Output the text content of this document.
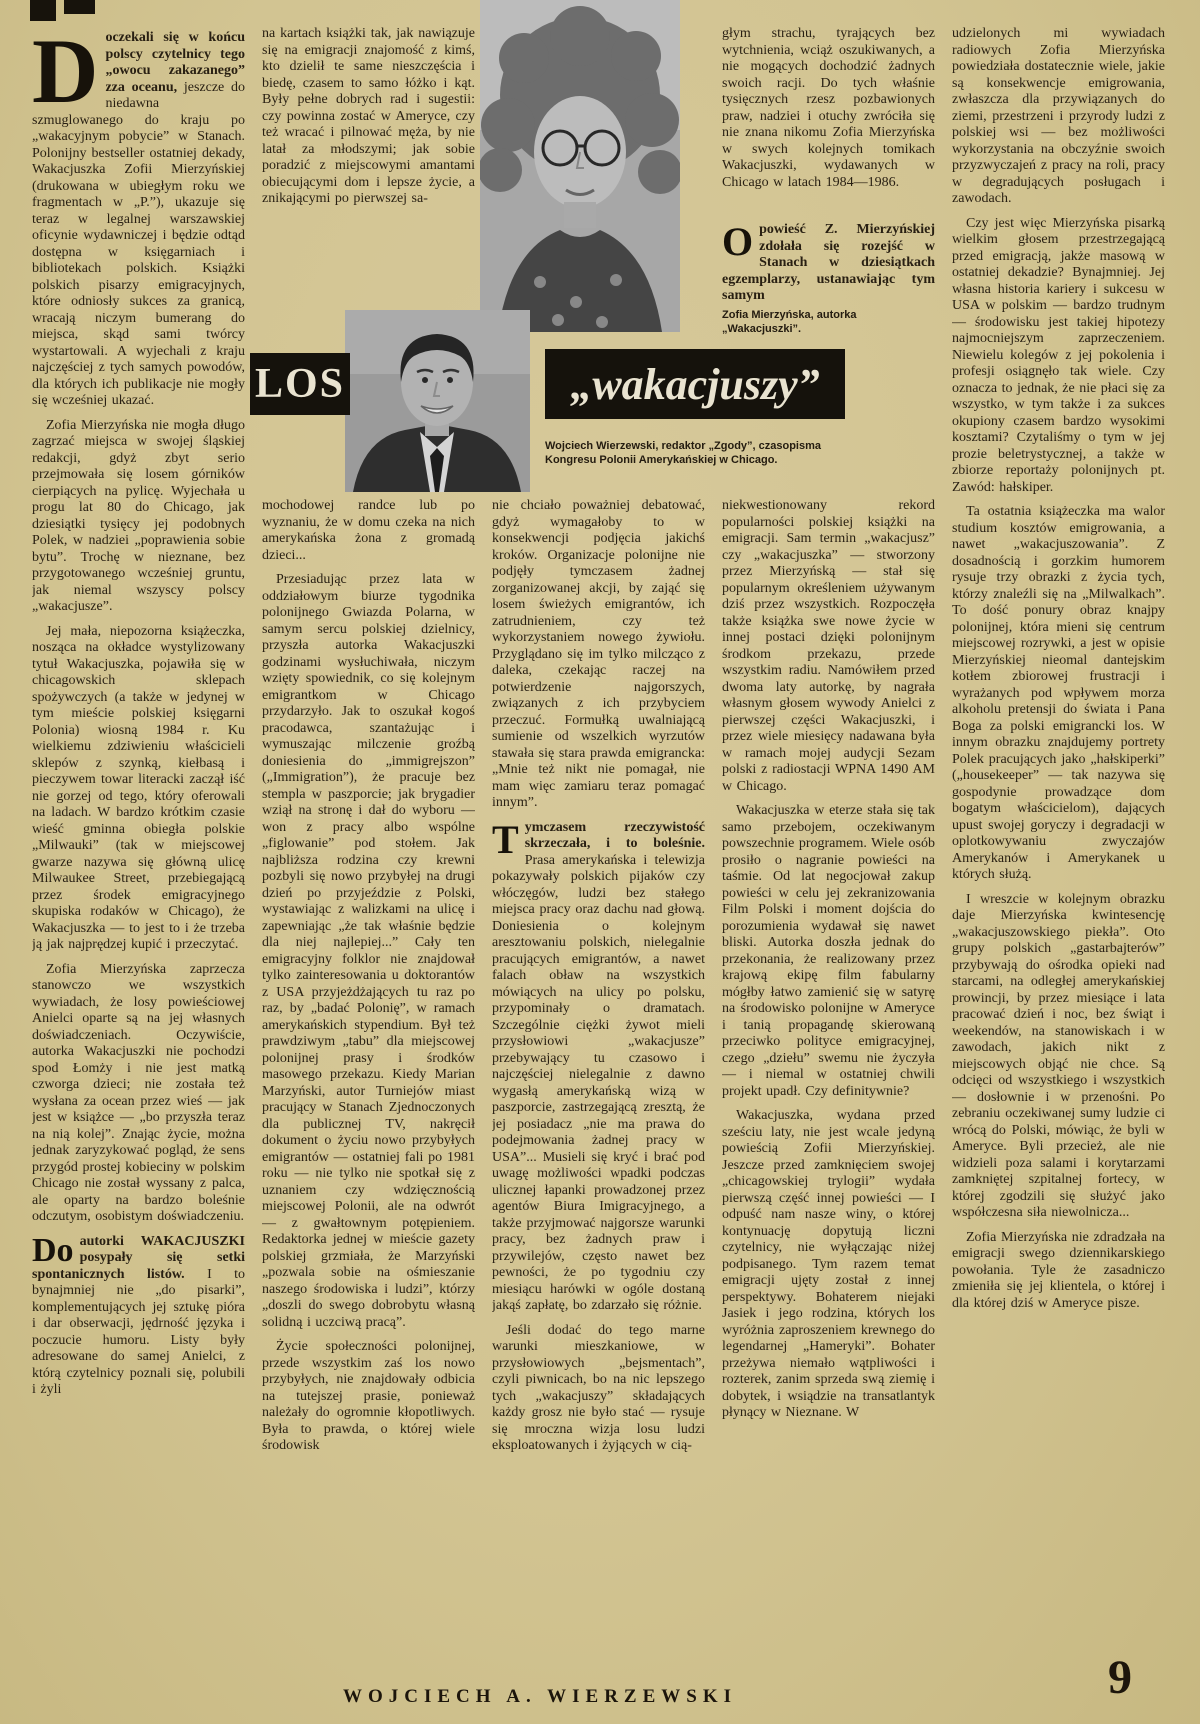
LOS	„wakacjuszy”
Wojciech Wierzewski, redaktor „Zgody”, czasopisma Kongresu Polonii Amerykańskiej w Chicago.
Zofia Mierzyńska, autorka „Wakacjuszki”.

Doczekali się w końcu polscy czytelnicy tego „owocu zakazanego” zza oceanu, jeszcze do niedawna szmuglowanego do kraju po „wakacyjnym pobycie” w Stanach. Polonijny bestseller ostatniej dekady, Wakacjuszka Zofii Mierzyńskiej (drukowana w ubiegłym roku we fragmentach w „P.”), ukazuje się teraz w legalnej warszawskiej oficynie wydawniczej i będzie odtąd dostępna w księgarniach i bibliotekach polskich. Książki polskich pisarzy emigracyjnych, które odniosły sukces za granicą, wracają niczym bumerang do miejsca, skąd sami twórcy wystartowali. A wyjechali z kraju najczęściej z tych samych powodów, dla których ich publikacje nie mogły się wcześniej ukazać.

Zofia Mierzyńska nie mogła długo zagrzać miejsca w swojej śląskiej redakcji, gdyż zbyt serio przejmowała się losem górników cierpiących na pylicę. Wyjechała u progu lat 80 do Chicago, jak dziesiątki tysięcy jej podobnych Polek, w nadziei „poprawienia sobie bytu”. Trochę w nieznane, bez przygotowanego wcześniej gruntu, jak niemal wszyscy polscy „wakacjusze”.

Jej mała, niepozorna książeczka, nosząca na okładce wystylizowany tytuł Wakacjuszka, pojawiła się w chicagowskich sklepach spożywczych (a także w jedynej w tym mieście polskiej księgarni Polonia) wiosną 1984 r. Ku wielkiemu zdziwieniu właścicieli sklepów z szynką, kiełbasą i pieczywem towar literacki zaczął iść nie gorzej od tego, który oferowali na ladach. W bardzo krótkim czasie wieść gminna obiegła polskie „Milwauki” (tak w miejscowej gwarze nazywa się główną ulicę Milwaukee Street, przebiegającą przez środek emigracyjnego skupiska rodaków w Chicago), że Wakacjuszka — to jest to i że trzeba ją jak najprędzej kupić i przeczytać.

Zofia Mierzyńska zaprzecza stanowczo we wszystkich wywiadach, że losy powieściowej Anielci oparte są na jej własnych doświadczeniach. Oczywiście, autorka Wakacjuszki nie pochodzi spod Łomży i nie jest matką czworga dzieci; nie została też wysłana za ocean przez wieś — jak jest w książce — „bo przyszła teraz na nią kolej”. Znając życie, można jednak zaryzykować pogląd, że sens przygód prostej kobieciny w polskim Chicago nie został wyssany z palca, ale oparty na bardzo boleśnie odczutym, osobistym doświadczeniu.

Do autorki WAKACJUSZKI posypały się setki spontanicznych listów. I to bynajmniej nie „do pisarki”, komplementujących jej sztukę pióra i dar obserwacji, jędrność języka i poczucie humoru. Listy były adresowane do samej Anielci, z którą czytelnicy poznali się, polubili i żyli

na kartach książki tak, jak nawiązuje się na emigracji znajomość z kimś, kto dzielił te same nieszczęścia i biedę, czasem to samo łóżko i kąt. Były pełne dobrych rad i sugestii: czy powinna zostać w Ameryce, czy też wracać i pilnować męża, by nie latał za młodszymi; jak sobie poradzić z miejscowymi amantami obiecującymi dom i lepsze życie, a znikającymi po pierwszej sa-

mochodowej randce lub po wyznaniu, że w domu czeka na nich amerykańska żona z gromadą dzieci...

Przesiadując przez lata w oddziałowym biurze tygodnika polonijnego Gwiazda Polarna, w samym sercu polskiej dzielnicy, przyszła autorka Wakacjuszki godzinami wysłuchiwała, niczym wzięty spowiednik, co się kolejnym emigrantkom w Chicago przydarzyło. Jak to oszukał kogoś pracodawca, szantażując i wymuszając milczenie groźbą doniesienia do „immigrejszon” („Immigration”), że pracuje bez stempla w paszporcie; jak brygadier wziął na stronę i dał do wyboru — won z pracy albo wspólne „figlowanie” pod stołem. Jak najbliższa rodzina czy krewni pozbyli się nowo przybyłej na drugi dzień po przyjeździe z Polski, wystawiając z walizkami na ulicę i zapewniając „że tak właśnie będzie dla niej najlepiej...” Cały ten emigracyjny folklor nie znajdował tylko zainteresowania u doktorantów z USA przyjeżdżających tu raz po raz, by „badać Polonię”, w ramach amerykańskich stypendium. Był też prawdziwym „tabu” dla miejscowej polonijnej prasy i środków masowego przekazu. Kiedy Marian Marzyński, autor Turniejów miast pracujący w Stanach Zjednoczonych dla publicznej TV, nakręcił dokument o życiu nowo przybyłych emigrantów — ostatniej fali po 1981 roku — nie tylko nie spotkał się z uznaniem czy wdzięcznością miejscowej Polonii, ale na odwrót — z gwałtownym potępieniem. Redaktorka jednej w mieście gazety polskiej grzmiała, że Marzyński „pozwala sobie na ośmieszanie naszego środowiska i ludzi”, którzy „doszli do swego dobrobytu własną solidną i uczciwą pracą”.

Życie społeczności polonijnej, przede wszystkim zaś los nowo przybyłych, nie znajdowały odbicia na tutejszej prasie, ponieważ należały do ogromnie kłopotliwych. Była to prawda, o której wiele środowisk

nie chciało poważniej debatować, gdyż wymagałoby to w konsekwencji podjęcia jakichś kroków. Organizacje polonijne nie podjęły tymczasem żadnej zorganizowanej akcji, by zająć się losem świeżych emigrantów, ich zatrudnieniem, czy też wykorzystaniem nowego żywiołu. Przyglądano się im tylko milcząco z daleka, czekając raczej na potwierdzenie najgorszych, związanych z ich przybyciem przeczuć. Formułką uwalniającą sumienie od wszelkich wyrzutów stawała się stara prawda emigrancka: „Mnie też nikt nie pomagał, nie mam więc zamiaru teraz pomagać innym”.

Tymczasem rzeczywistość skrzeczała, i to boleśnie. Prasa amerykańska i telewizja pokazywały polskich pijaków czy włóczęgów, ludzi bez stałego miejsca pracy oraz dachu nad głową. Doniesienia o kolejnym aresztowaniu polskich, nielegalnie pracujących emigrantów, a nawet falach obław na wszystkich mówiących na ulicy po polsku, przypominały o dramatach. Szczególnie ciężki żywot mieli przysłowiowi „wakacjusze” przebywający tu czasowo i najczęściej nielegalnie z dawno wygasłą amerykańską wizą w paszporcie, zastrzegającą zresztą, że jej posiadacz „nie ma prawa do podejmowania żadnej pracy w USA”... Musieli się kryć i brać pod uwagę możliwości wpadki podczas ulicznej łapanki prowadzonej przez agentów Biura Imigracyjnego, a także przyjmować najgorsze warunki pracy, bez żadnych praw i przywilejów, często nawet bez pewności, że po tygodniu czy miesiącu harówki w ogóle dostaną jakąś zapłatę, bo zdarzało się różnie.

Jeśli dodać do tego marne warunki mieszkaniowe, w przysłowiowych „bejsmentach”, czyli piwnicach, bo na nic lepszego tych „wakacjuszy” składających każdy grosz nie było stać — rysuje się mroczna wizja losu ludzi eksploatowanych i żyjących w cią-

głym strachu, tyrających bez wytchnienia, wciąż oszukiwanych, a nie mogących dochodzić żadnych swoich racji. Do tych właśnie tysięcznych rzesz pozbawionych praw, nadziei i otuchy zwróciła się nie znana nikomu Zofia Mierzyńska w swych kolejnych tomikach Wakacjuszki, wydawanych w Chicago w latach 1984—1986.

Opowieść Z. Mierzyńskiej zdołała się rozejść w Stanach w dziesiątkach egzemplarzy, ustanawiając tym samym

niekwestionowany rekord popularności polskiej książki na emigracji. Sam termin „wakacjusz” czy „wakacjuszka” — stworzony przez Mierzyńską — stał się popularnym określeniem używanym dziś przez wszystkich. Rozpoczęła także książka swe nowe życie w innej postaci dzięki polonijnym środkom przekazu, przede wszystkim radiu. Namówiłem przed dwoma laty autorkę, by nagrała własnym głosem wywody Anielci z pierwszej części Wakacjuszki, i przez wiele miesięcy nadawana była w ramach mojej audycji Sezam polski z radiostacji WPNA 1490 AM w Chicago.

Wakacjuszka w eterze stała się tak samo przebojem, oczekiwanym powszechnie programem. Wiele osób prosiło o nagranie powieści na taśmie. Od lat negocjował zakup powieści w celu jej zekranizowania Film Polski i moment dojścia do porozumienia wydawał się nawet bliski. Autorka doszła jednak do przekonania, że realizowany przez krajową ekipę film fabularny mógłby łatwo zamienić się w satyrę na środowisko polonijne w Ameryce i tanią propagandę skierowaną przeciwko polityce emigracyjnej, czego „dziełu” swemu nie życzyła — i niemal w ostatniej chwili projekt upadł. Czy definitywnie?

Wakacjuszka, wydana przed sześciu laty, nie jest wcale jedyną powieścią Zofii Mierzyńskiej. Jeszcze przed zamknięciem swojej „chicagowskiej trylogii” wydała pierwszą część innej powieści — I odpuść nam nasze winy, o której kontynuację dopytują liczni czytelnicy, nie wyłączając niżej podpisanego. Tym razem temat emigracji ujęty został z innej perspektywy. Bohaterem niejaki Jasiek i jego rodzina, których los wyróżnia zaproszeniem krewnego do legendarnej „Hameryki”. Bohater przeżywa niemało wątpliwości i rozterek, zanim sprzeda swą ziemię i dobytek, i wsiądzie na transatlantyk płynący w Nieznane. W

udzielonych mi wywiadach radiowych Zofia Mierzyńska powiedziała dostatecznie wiele, jakie są konsekwencje emigrowania, zwłaszcza dla przywiązanych do ziemi, przestrzeni i przyrody ludzi z polskiej wsi — bez możliwości wykorzystania na obczyźnie swoich przyzwyczajeń z pracy na roli, pracy w degradujących posługach i zawodach.

Czy jest więc Mierzyńska pisarką wielkim głosem przestrzegającą przed emigracją, jakże masową w ostatniej dekadzie? Bynajmniej. Jej własna historia kariery i sukcesu w USA w polskim — bardzo trudnym — środowisku jest takiej hipotezy najmocniejszym zaprzeczeniem. Niewielu kolegów z jej pokolenia i profesji osiągnęło tak wiele. Czy oznacza to jednak, że nie płaci się za wszystko, w tym także i za sukces okupiony czasem bardzo wysokimi kosztami? Czytaliśmy o tym w jej prozie beletrystycznej, a także w zbiorze reportaży polonijnych pt. Zawód: hałskiper.

Ta ostatnia książeczka ma walor studium kosztów emigrowania, a nawet „wakacjuszowania”. Z dosadnością i gorzkim humorem rysuje trzy obrazki z życia tych, którzy znaleźli się na „Milwalkach”. To dość ponury obraz knajpy polonijnej, która mieni się centrum miejscowej rozrywki, a jest w opisie Mierzyńskiej nieomal dantejskim kotłem zbiorowej frustracji i wyrażanych pod wpływem morza alkoholu pretensji do świata i Pana Boga za polski emigrancki los. W innym obrazku znajdujemy portrety Polek pracujących jako „hałskiperki” („housekeeper” — tak nazywa się gospodynie prowadzące dom bogatym właścicielom), dających upust swojej goryczy i degradacji w oplotkowywaniu zwyczajów Amerykanów i Amerykanek u których służą.

I wreszcie w kolejnym obrazku daje Mierzyńska kwintesencję „wakacjuszowskiego piekła”. Oto grupy polskich „gastarbajterów” przybywają do ośrodka opieki nad starcami, na odległej amerykańskiej prowincji, by przez miesiące i lata pracować dzień i noc, bez świąt i weekendów, na stanowiskach i w zawodach, jakich nikt z miejscowych objąć nie chce. Są odcięci od wszystkiego i wszystkich — dosłownie i w przenośni. Po zebraniu oczekiwanej sumy ludzie ci wrócą do Polski, mówiąc, że byli w Ameryce. Byli przecież, ale nie widzieli poza salami i korytarzami zamkniętej szpitalnej fortecy, w której zgodzili się służyć jako współczesna siła niewolnicza...

Zofia Mierzyńska nie zdradzała na emigracji swego dziennikarskiego powołania. Tyle że zasadniczo zmieniła się jej klientela, o której i dla której dziś w Ameryce pisze.

WOJCIECH A. WIERZEWSKI	9
